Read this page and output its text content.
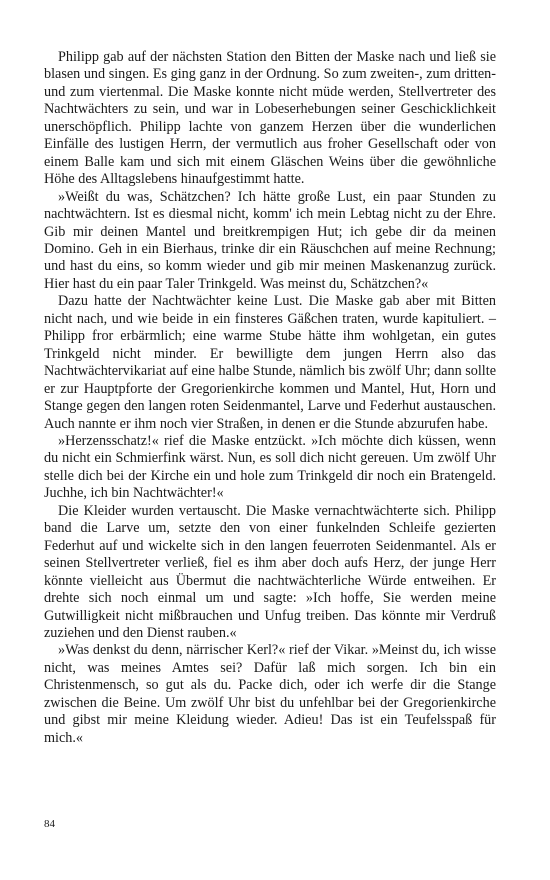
Philipp gab auf der nächsten Station den Bitten der Maske nach und ließ sie blasen und singen. Es ging ganz in der Ordnung. So zum zweiten-, zum dritten-und zum viertenmal. Die Maske konnte nicht müde werden, Stellvertreter des Nachtwächters zu sein, und war in Lobeserhebungen seiner Geschicklichkeit unerschöpflich. Philipp lachte von ganzem Herzen über die wunderlichen Einfälle des lustigen Herrn, der vermutlich aus froher Gesellschaft oder von einem Balle kam und sich mit einem Gläschen Weins über die gewöhnliche Höhe des Alltagslebens hinaufgestimmt hatte.

»Weißt du was, Schätzchen? Ich hätte große Lust, ein paar Stunden zu nachtwächtern. Ist es diesmal nicht, komm' ich mein Lebtag nicht zu der Ehre. Gib mir deinen Mantel und breitkrempigen Hut; ich gebe dir da meinen Domino. Geh in ein Bierhaus, trinke dir ein Räuschchen auf meine Rechnung; und hast du eins, so komm wieder und gib mir meinen Maskenanzug zurück. Hier hast du ein paar Taler Trinkgeld. Was meinst du, Schätzchen?«

Dazu hatte der Nachtwächter keine Lust. Die Maske gab aber mit Bitten nicht nach, und wie beide in ein finsteres Gäßchen traten, wurde kapituliert. – Philipp fror erbärmlich; eine warme Stube hätte ihm wohlgetan, ein gutes Trinkgeld nicht minder. Er bewilligte dem jungen Herrn also das Nachtwächtervikariat auf eine halbe Stunde, nämlich bis zwölf Uhr; dann sollte er zur Hauptpforte der Gregorienkirche kommen und Mantel, Hut, Horn und Stange gegen den langen roten Seidenmantel, Larve und Federhut austauschen. Auch nannte er ihm noch vier Straßen, in denen er die Stunde abzurufen habe.

»Herzensschatz!« rief die Maske entzückt. »Ich möchte dich küssen, wenn du nicht ein Schmierfink wärst. Nun, es soll dich nicht gereuen. Um zwölf Uhr stelle dich bei der Kirche ein und hole zum Trinkgeld dir noch ein Bratengeld. Juchhe, ich bin Nachtwächter!«

Die Kleider wurden vertauscht. Die Maske vernachtwächterte sich. Philipp band die Larve um, setzte den von einer funkelnden Schleife gezierten Federhut auf und wickelte sich in den langen feuerroten Seidenmantel. Als er seinen Stellvertreter verließ, fiel es ihm aber doch aufs Herz, der junge Herr könnte vielleicht aus Übermut die nachtwächterliche Würde entweihen. Er drehte sich noch einmal um und sagte: »Ich hoffe, Sie werden meine Gutwilligkeit nicht mißbrauchen und Unfug treiben. Das könnte mir Verdruß zuziehen und den Dienst rauben.«

»Was denkst du denn, närrischer Kerl?« rief der Vikar. »Meinst du, ich wisse nicht, was meines Amtes sei? Dafür laß mich sorgen. Ich bin ein Christenmensch, so gut als du. Packe dich, oder ich werfe dir die Stange zwischen die Beine. Um zwölf Uhr bist du unfehlbar bei der Gregorienkirche und gibst mir meine Kleidung wieder. Adieu! Das ist ein Teufelsspaß für mich.«

84
